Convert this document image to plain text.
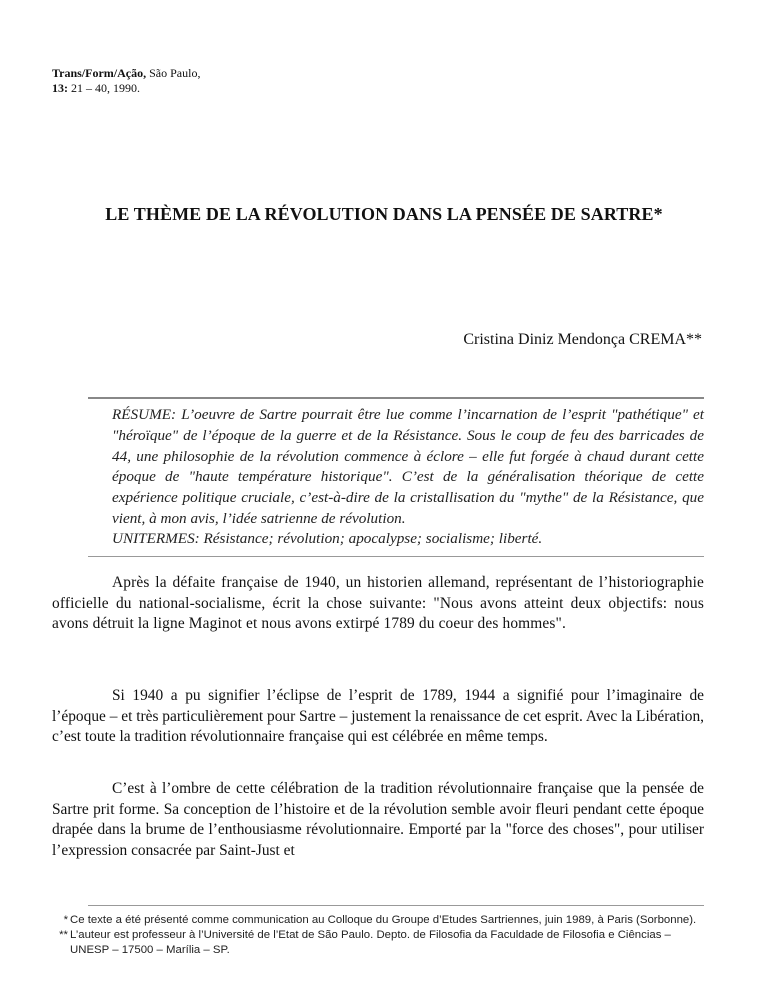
Trans/Form/Ação, São Paulo,
13: 21 – 40, 1990.
LE THÈME DE LA RÉVOLUTION DANS LA PENSÉE DE SARTRE*
Cristina Diniz Mendonça CREMA**
RÉSUME: L’oeuvre de Sartre pourrait être lue comme l’incarnation de l’esprit "pathétique" et "héroïque" de l’époque de la guerre et de la Résistance. Sous le coup de feu des barricades de 44, une philosophie de la révolution commence à éclore – elle fut forgée à chaud durant cette époque de "haute température historique". C’est de la généralisation théorique de cette expérience politique cruciale, c’est-à-dire de la cristallisation du "mythe" de la Résistance, que vient, à mon avis, l’idée satrienne de révolution.
UNITERMES: Résistance; révolution; apocalypse; socialisme; liberté.

Après la défaite française de 1940, un historien allemand, représentant de l’historiographie officielle du national-socialisme, écrit la chose suivante: "Nous avons atteint deux objectifs: nous avons détruit la ligne Maginot et nous avons extirpé 1789 du coeur des hommes".

Si 1940 a pu signifier l’éclipse de l’esprit de 1789, 1944 a signifié pour l’imaginaire de l’époque – et très particulièrement pour Sartre – justement la renaissance de cet esprit. Avec la Libération, c’est toute la tradition révolutionnaire française qui est célébrée en même temps.

C’est à l’ombre de cette célébration de la tradition révolutionnaire française que la pensée de Sartre prit forme. Sa conception de l’histoire et de la révolution semble avoir fleuri pendant cette époque drapée dans la brume de l’enthousiasme révolutionnaire. Emporté par la "force des choses", pour utiliser l’expression consacrée par Saint-Just et

* Ce texte a été présenté comme communication au Colloque du Groupe d’Etudes Sartriennes, juin 1989, à Paris (Sorbonne).
** L’auteur est professeur à l’Université de l’Etat de São Paulo. Depto. de Filosofia da Faculdade de Filosofia e Ciências – UNESP – 17500 – Marília – SP.
